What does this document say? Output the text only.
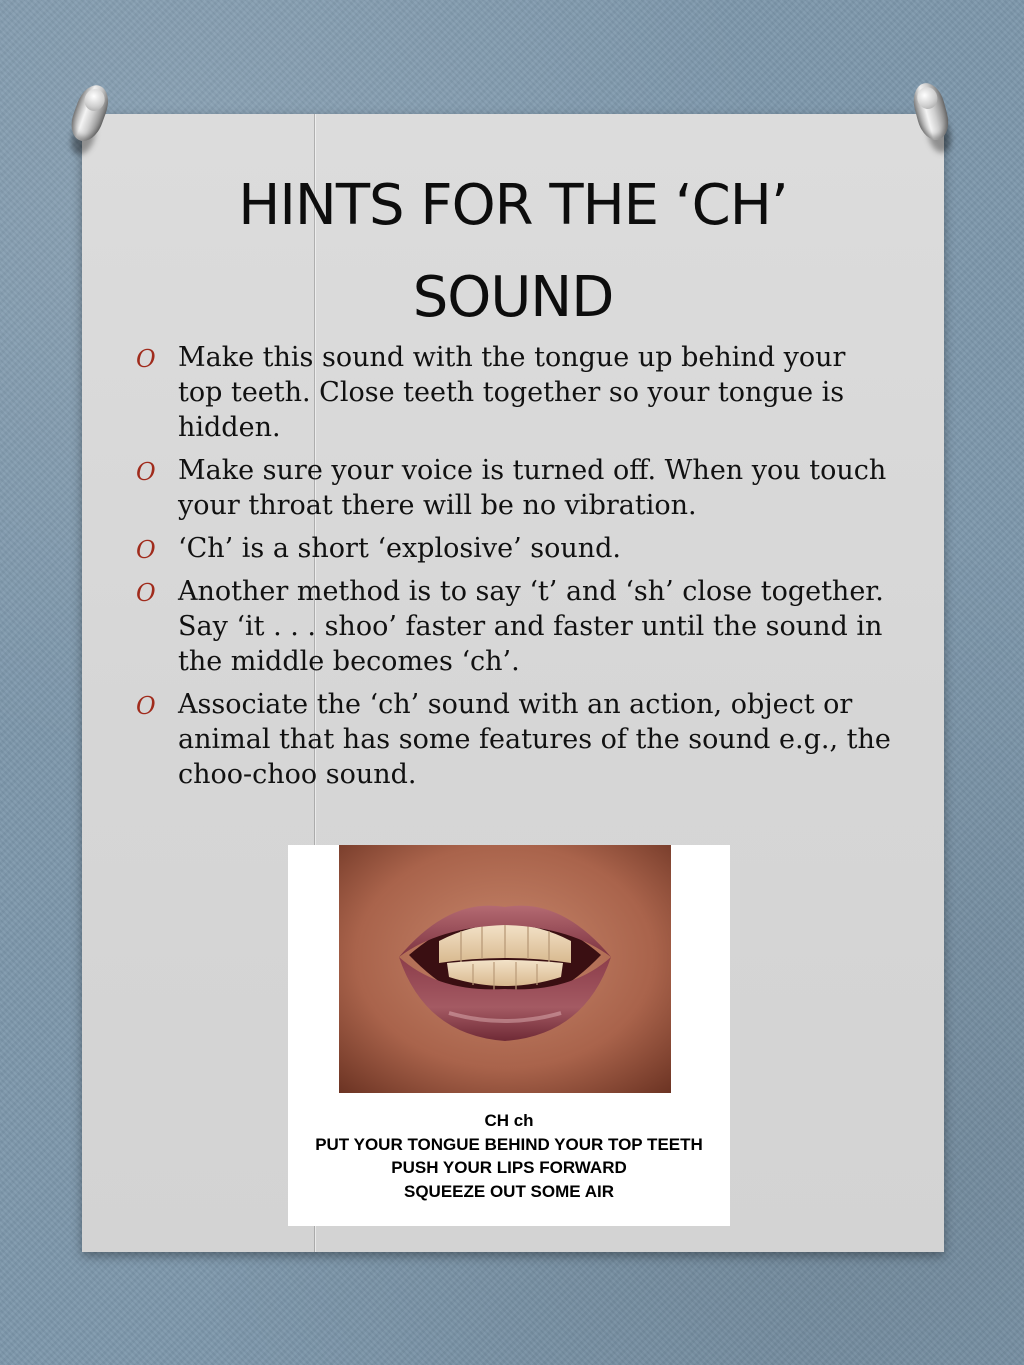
HINTS FOR THE ‘CH’
SOUND
O Make this sound with the tongue up behind your top teeth. Close teeth together so your tongue is hidden.
O Make sure your voice is turned off. When you touch your throat there will be no vibration.
O ‘Ch’ is a short ‘explosive’ sound.
O Another method is to say ‘t’ and ‘sh’ close together. Say ‘it . . . shoo’ faster and faster until the sound in the middle becomes ‘ch’.
O Associate the ‘ch’ sound with an action, object or animal that has some features of the sound e.g., the choo-choo sound.
CH ch
PUT YOUR TONGUE BEHIND YOUR TOP TEETH
PUSH YOUR LIPS FORWARD
SQUEEZE OUT SOME AIR
